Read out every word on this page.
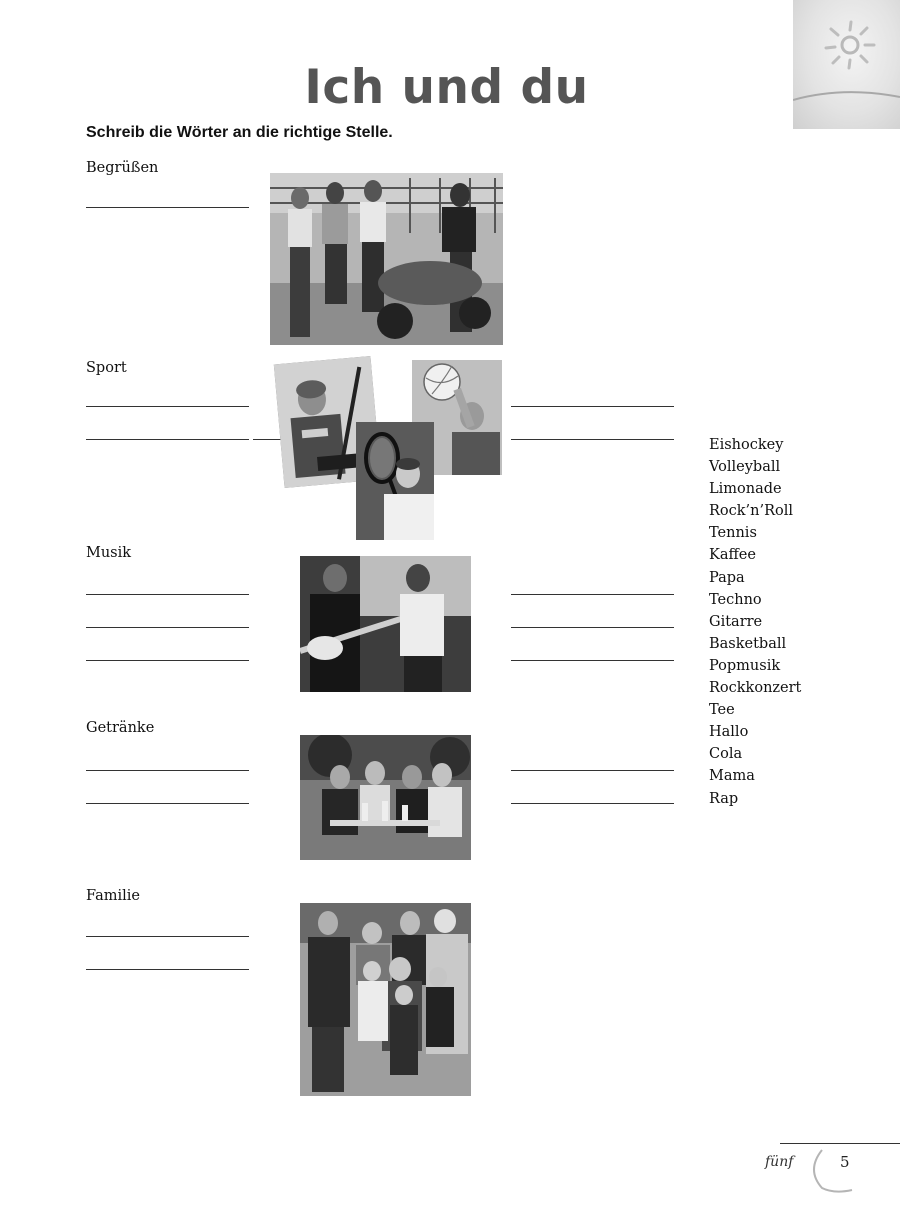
Ich und du
Schreib die Wörter an die richtige Stelle.
Begrüßen
Sport
Musik
Getränke
Familie
Eishockey
Volleyball
Limonade
Rock’n’Roll
Tennis
Kaffee
Papa
Techno
Gitarre
Basketball
Popmusik
Rockkonzert
Tee
Hallo
Cola
Mama
Rap
fünf	5
